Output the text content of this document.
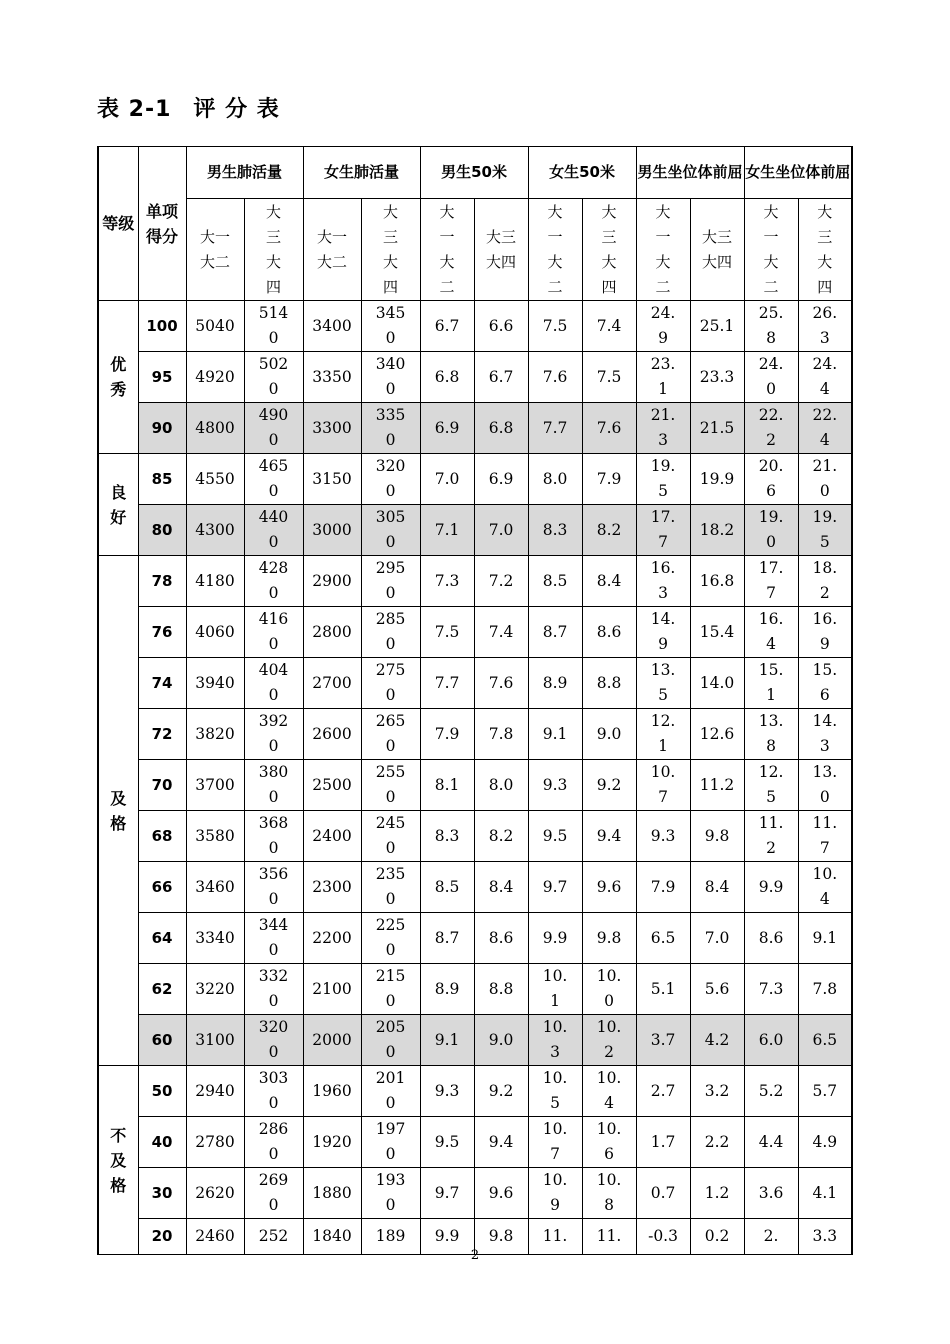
表 2-1 评 分 表
等级	单项得分	男生肺活量		女生肺活量		男生50米		女生50米		男生坐位体前屈		女生坐位体前屈	
		大一大二	大三大四	大一大二	大三大四	大一大二	大三大四	大一大二	大三大四	大一大二	大三大四	大一大二	大三大四
优秀	100	5040	5140	3400	3450	6.7	6.6	7.5	7.4	24.9	25.1	25.8	26.3
	95	4920	5020	3350	3400	6.8	6.7	7.6	7.5	23.1	23.3	24.0	24.4
	90	4800	4900	3300	3350	6.9	6.8	7.7	7.6	21.3	21.5	22.2	22.4
良好	85	4550	4650	3150	3200	7.0	6.9	8.0	7.9	19.5	19.9	20.6	21.0
	80	4300	4400	3000	3050	7.1	7.0	8.3	8.2	17.7	18.2	19.0	19.5
及格	78	4180	4280	2900	2950	7.3	7.2	8.5	8.4	16.3	16.8	17.7	18.2
	76	4060	4160	2800	2850	7.5	7.4	8.7	8.6	14.9	15.4	16.4	16.9
	74	3940	4040	2700	2750	7.7	7.6	8.9	8.8	13.5	14.0	15.1	15.6
	72	3820	3920	2600	2650	7.9	7.8	9.1	9.0	12.1	12.6	13.8	14.3
	70	3700	3800	2500	2550	8.1	8.0	9.3	9.2	10.7	11.2	12.5	13.0
	68	3580	3680	2400	2450	8.3	8.2	9.5	9.4	9.3	9.8	11.2	11.7
	66	3460	3560	2300	2350	8.5	8.4	9.7	9.6	7.9	8.4	9.9	10.4
	64	3340	3440	2200	2250	8.7	8.6	9.9	9.8	6.5	7.0	8.6	9.1
	62	3220	3320	2100	2150	8.9	8.8	10.1	10.0	5.1	5.6	7.3	7.8
	60	3100	3200	2000	2050	9.1	9.0	10.3	10.2	3.7	4.2	6.0	6.5
不及格	50	2940	3030	1960	2010	9.3	9.2	10.5	10.4	2.7	3.2	5.2	5.7
	40	2780	2860	1920	1970	9.5	9.4	10.7	10.6	1.7	2.2	4.4	4.9
	30	2620	2690	1880	1930	9.7	9.6	10.9	10.8	0.7	1.2	3.6	4.1
	20	2460	252	1840	189	9.9	9.8	11.	11.	-0.3	0.2	2.	3.3
2
